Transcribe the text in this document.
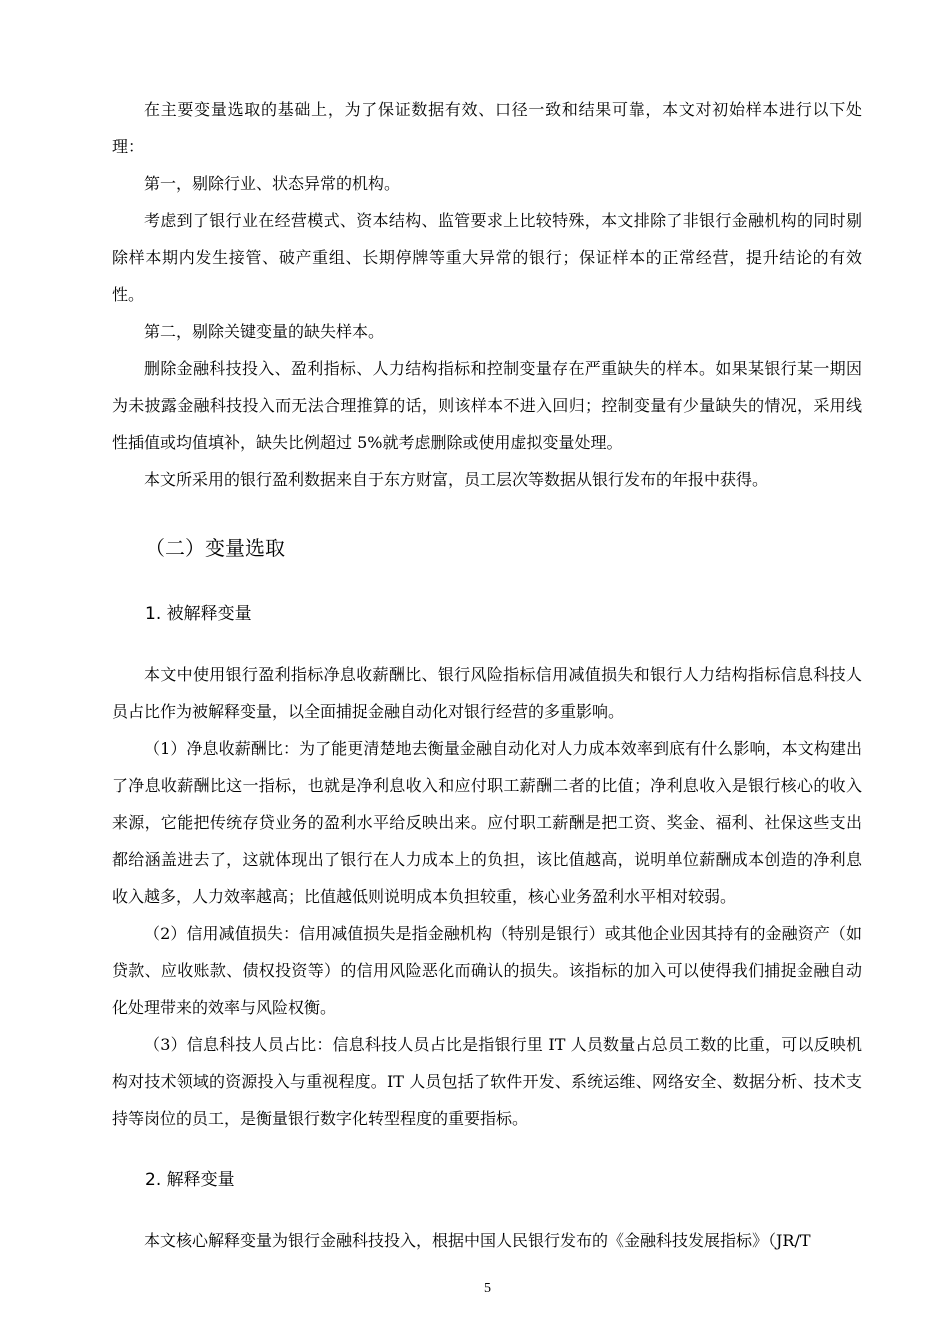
在主要变量选取的基础上，为了保证数据有效、口径一致和结果可靠，本文对初始样本进行以下处理：

第一，剔除行业、状态异常的机构。

考虑到了银行业在经营模式、资本结构、监管要求上比较特殊，本文排除了非银行金融机构的同时剔除样本期内发生接管、破产重组、长期停牌等重大异常的银行；保证样本的正常经营，提升结论的有效性。

第二，剔除关键变量的缺失样本。

删除金融科技投入、盈利指标、人力结构指标和控制变量存在严重缺失的样本。如果某银行某一期因为未披露金融科技投入而无法合理推算的话，则该样本不进入回归；控制变量有少量缺失的情况，采用线性插值或均值填补，缺失比例超过 5%就考虑删除或使用虚拟变量处理。

本文所采用的银行盈利数据来自于东方财富，员工层次等数据从银行发布的年报中获得。

（二）变量选取
1. 被解释变量

本文中使用银行盈利指标净息收薪酬比、银行风险指标信用减值损失和银行人力结构指标信息科技人员占比作为被解释变量，以全面捕捉金融自动化对银行经营的多重影响。

（1）净息收薪酬比：为了能更清楚地去衡量金融自动化对人力成本效率到底有什么影响，本文构建出了净息收薪酬比这一指标，也就是净利息收入和应付职工薪酬二者的比值；净利息收入是银行核心的收入来源，它能把传统存贷业务的盈利水平给反映出来。应付职工薪酬是把工资、奖金、福利、社保这些支出都给涵盖进去了，这就体现出了银行在人力成本上的负担，该比值越高，说明单位薪酬成本创造的净利息收入越多，人力效率越高；比值越低则说明成本负担较重，核心业务盈利水平相对较弱。

（2）信用减值损失：信用减值损失是指金融机构（特别是银行）或其他企业因其持有的金融资产（如贷款、应收账款、债权投资等）的信用风险恶化而确认的损失。该指标的加入可以使得我们捕捉金融自动化处理带来的效率与风险权衡。

（3）信息科技人员占比：信息科技人员占比是指银行里 IT 人员数量占总员工数的比重，可以反映机构对技术领域的资源投入与重视程度。IT 人员包括了软件开发、系统运维、网络安全、数据分析、技术支持等岗位的员工，是衡量银行数字化转型程度的重要指标。

2. 解释变量

本文核心解释变量为银行金融科技投入，根据中国人民银行发布的《金融科技发展指标》（JR/T

5
